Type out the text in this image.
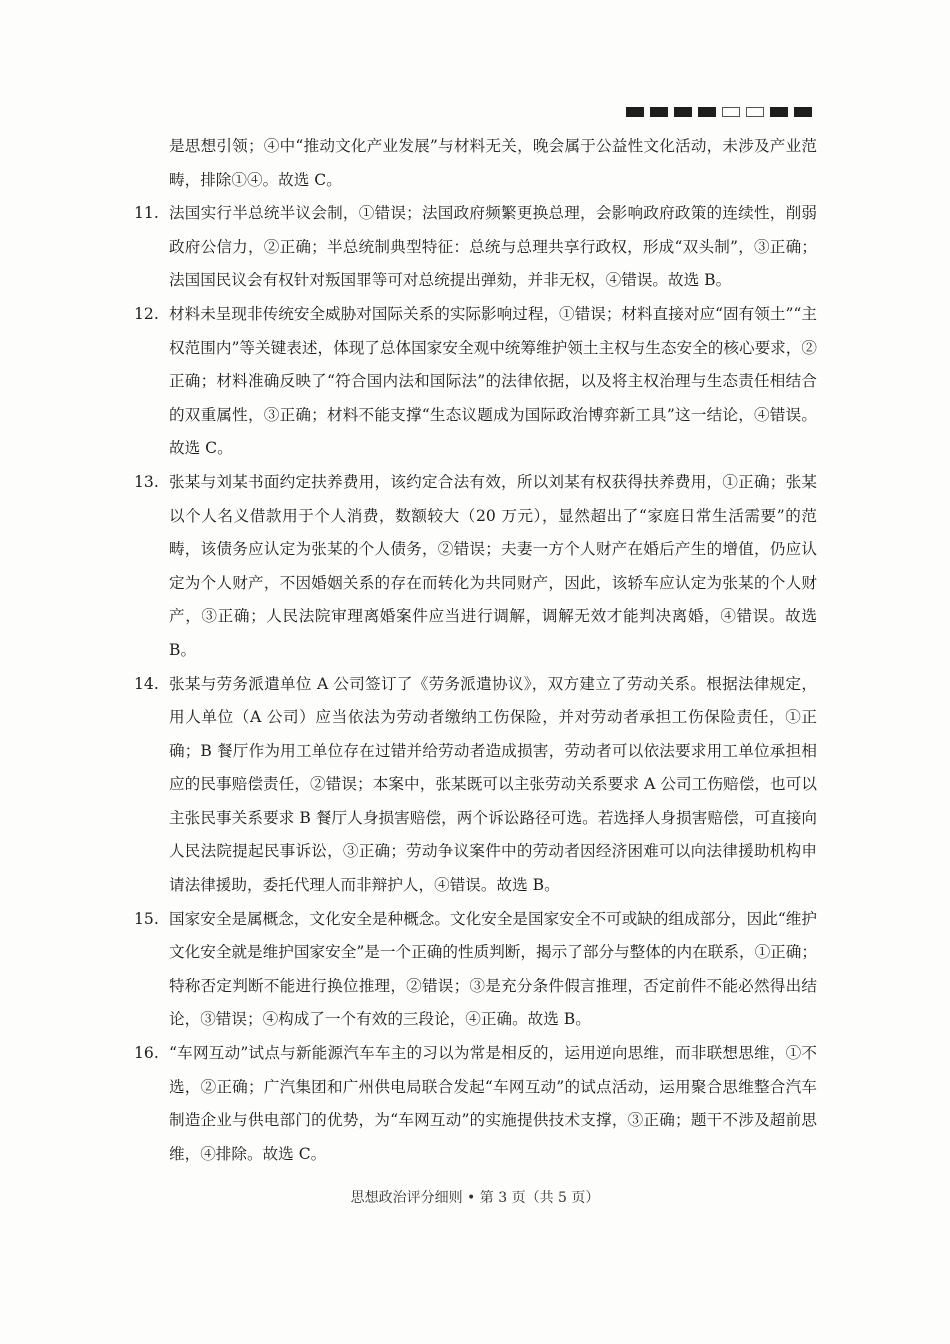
是思想引领；④中“推动文化产业发展”与材料无关，晚会属于公益性文化活动，未涉及产业范畴，排除①④。故选 C。
11. 法国实行半总统半议会制，①错误；法国政府频繁更换总理，会影响政府政策的连续性，削弱政府公信力，②正确；半总统制典型特征：总统与总理共享行政权，形成“双头制”，③正确；法国国民议会有权针对叛国罪等可对总统提出弹劾，并非无权，④错误。故选 B。
12. 材料未呈现非传统安全威胁对国际关系的实际影响过程，①错误；材料直接对应“固有领土”“主权范围内”等关键表述，体现了总体国家安全观中统筹维护领土主权与生态安全的核心要求，②正确；材料准确反映了“符合国内法和国际法”的法律依据，以及将主权治理与生态责任相结合的双重属性，③正确；材料不能支撑“生态议题成为国际政治博弈新工具”这一结论，④错误。故选 C。
13. 张某与刘某书面约定扶养费用，该约定合法有效，所以刘某有权获得扶养费用，①正确；张某以个人名义借款用于个人消费，数额较大（20 万元），显然超出了“家庭日常生活需要”的范畴，该债务应认定为张某的个人债务，②错误；夫妻一方个人财产在婚后产生的增值，仍应认定为个人财产，不因婚姻关系的存在而转化为共同财产，因此，该轿车应认定为张某的个人财产，③正确；人民法院审理离婚案件应当进行调解，调解无效才能判决离婚，④错误。故选 B。
14. 张某与劳务派遣单位 A 公司签订了《劳务派遣协议》，双方建立了劳动关系。根据法律规定，用人单位（A 公司）应当依法为劳动者缴纳工伤保险，并对劳动者承担工伤保险责任，①正确；B 餐厅作为用工单位存在过错并给劳动者造成损害，劳动者可以依法要求用工单位承担相应的民事赔偿责任，②错误；本案中，张某既可以主张劳动关系要求 A 公司工伤赔偿，也可以主张民事关系要求 B 餐厅人身损害赔偿，两个诉讼路径可选。若选择人身损害赔偿，可直接向人民法院提起民事诉讼，③正确；劳动争议案件中的劳动者因经济困难可以向法律援助机构申请法律援助，委托代理人而非辩护人，④错误。故选 B。
15. 国家安全是属概念，文化安全是种概念。文化安全是国家安全不可或缺的组成部分，因此“维护文化安全就是维护国家安全”是一个正确的性质判断，揭示了部分与整体的内在联系，①正确；特称否定判断不能进行换位推理，②错误；③是充分条件假言推理，否定前件不能必然得出结论，③错误；④构成了一个有效的三段论，④正确。故选 B。
16. “车网互动”试点与新能源汽车车主的习以为常是相反的，运用逆向思维，而非联想思维，①不选，②正确；广汽集团和广州供电局联合发起“车网互动”的试点活动，运用聚合思维整合汽车制造企业与供电部门的优势，为“车网互动”的实施提供技术支撑，③正确；题干不涉及超前思维，④排除。故选 C。
思想政治评分细则 • 第 3 页（共 5 页）
